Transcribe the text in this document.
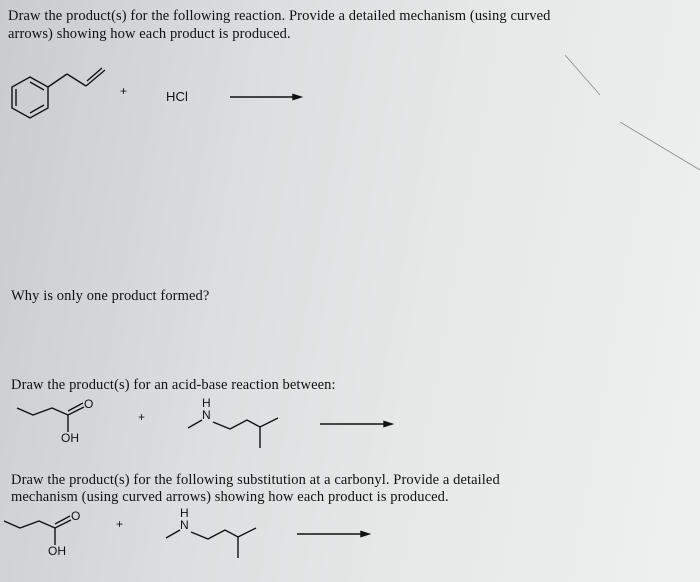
Draw the product(s) for the following reaction. Provide a detailed mechanism (using curved
arrows) showing how each product is produced.
+	HCl
Why is only one product formed?
Draw the product(s) for an acid-base reaction between:
O
OH
+
H
N
Draw the product(s) for the following substitution at a carbonyl. Provide a detailed
mechanism (using curved arrows) showing how each product is produced.
O
OH
+
H
N
